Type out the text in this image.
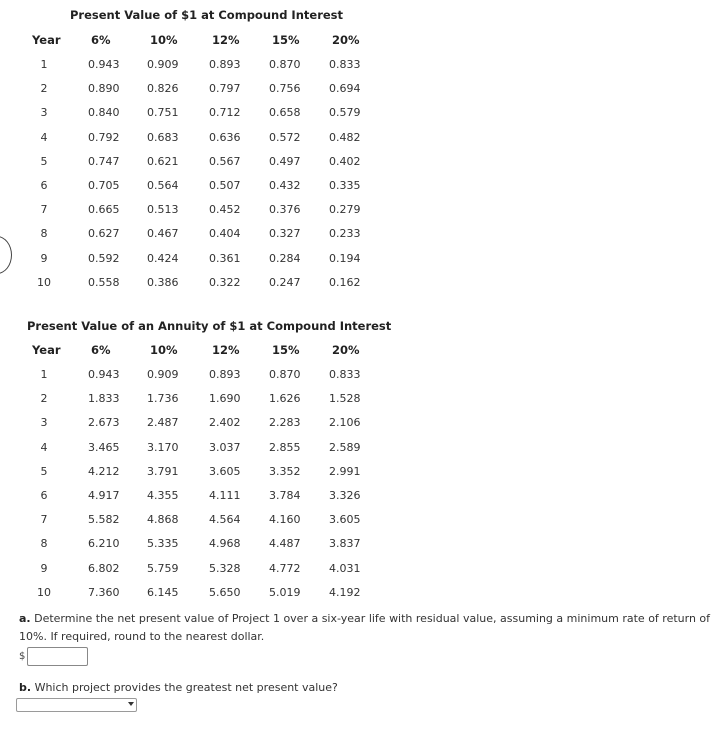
Present Value of $1 at Compound Interest
Year	6%	10%	12%	15%	20%
1	0.943	0.909	0.893	0.870	0.833
2	0.890	0.826	0.797	0.756	0.694
3	0.840	0.751	0.712	0.658	0.579
4	0.792	0.683	0.636	0.572	0.482
5	0.747	0.621	0.567	0.497	0.402
6	0.705	0.564	0.507	0.432	0.335
7	0.665	0.513	0.452	0.376	0.279
8	0.627	0.467	0.404	0.327	0.233
9	0.592	0.424	0.361	0.284	0.194
10	0.558	0.386	0.322	0.247	0.162
Present Value of an Annuity of $1 at Compound Interest
Year	6%	10%	12%	15%	20%
1	0.943	0.909	0.893	0.870	0.833
2	1.833	1.736	1.690	1.626	1.528
3	2.673	2.487	2.402	2.283	2.106
4	3.465	3.170	3.037	2.855	2.589
5	4.212	3.791	3.605	3.352	2.991
6	4.917	4.355	4.111	3.784	3.326
7	5.582	4.868	4.564	4.160	3.605
8	6.210	5.335	4.968	4.487	3.837
9	6.802	5.759	5.328	4.772	4.031
10	7.360	6.145	5.650	5.019	4.192
a. Determine the net present value of Project 1 over a six-year life with residual value, assuming a minimum rate of return of 10%. If required, round to the nearest dollar.
$
b. Which project provides the greatest net present value?
